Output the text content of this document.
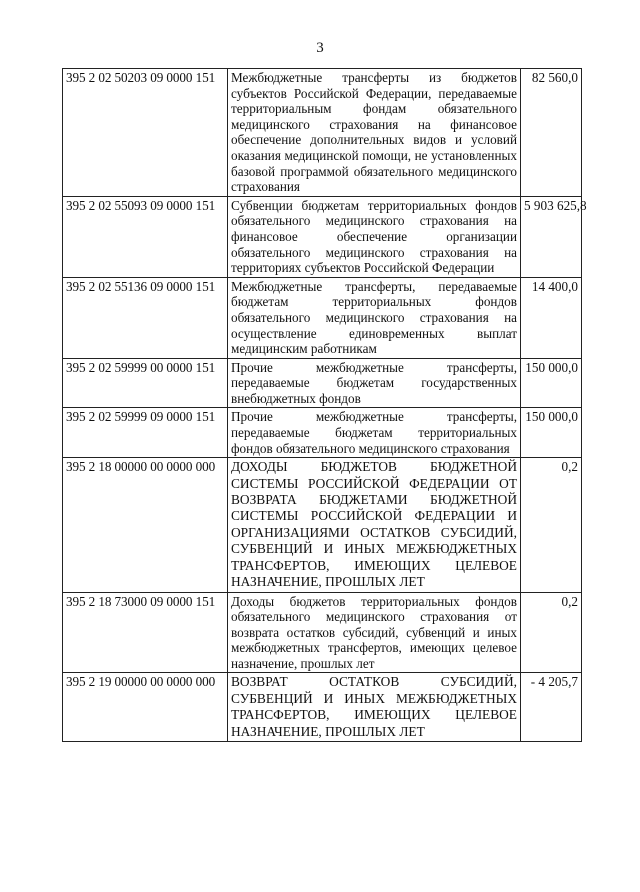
3
395 2 02 50203 09 0000 151	Межбюджетные трансферты из бюджетов субъектов Российской Федерации, передаваемые территориальным фондам обязательного медицинского страхования на финансовое обеспечение дополнительных видов и условий оказания медицинской помощи, не установленных базовой программой обязательного медицинского страхования	82 560,0
395 2 02 55093 09 0000 151	Субвенции бюджетам территориальных фондов обязательного медицинского страхования на финансовое обеспечение организации обязательного медицинского страхования на территориях субъектов Российской Федерации	5 903 625,8
395 2 02 55136 09 0000 151	Межбюджетные трансферты, передаваемые бюджетам территориальных фондов обязательного медицинского страхования на осуществление единовременных выплат медицинским работникам	14 400,0
395 2 02 59999 00 0000 151	Прочие межбюджетные трансферты, передаваемые бюджетам государственных внебюджетных фондов	150 000,0
395 2 02 59999 09 0000 151	Прочие межбюджетные трансферты, передаваемые бюджетам территориальных фондов обязательного медицинского страхования	150 000,0
395 2 18 00000 00 0000 000	ДОХОДЫ БЮДЖЕТОВ БЮДЖЕТНОЙ СИСТЕМЫ РОССИЙСКОЙ ФЕДЕРАЦИИ ОТ ВОЗВРАТА БЮДЖЕТАМИ БЮДЖЕТНОЙ СИСТЕМЫ РОССИЙСКОЙ ФЕДЕРАЦИИ И ОРГАНИЗАЦИЯМИ ОСТАТКОВ СУБСИДИЙ, СУБВЕНЦИЙ И ИНЫХ МЕЖБЮДЖЕТНЫХ ТРАНСФЕРТОВ, ИМЕЮЩИХ ЦЕЛЕВОЕ НАЗНАЧЕНИЕ, ПРОШЛЫХ ЛЕТ	0,2
395 2 18 73000 09 0000 151	Доходы бюджетов территориальных фондов обязательного медицинского страхования от возврата остатков субсидий, субвенций и иных межбюджетных трансфертов, имеющих целевое назначение, прошлых лет	0,2
395 2 19 00000 00 0000 000	ВОЗВРАТ ОСТАТКОВ СУБСИДИЙ, СУБВЕНЦИЙ И ИНЫХ МЕЖБЮДЖЕТНЫХ ТРАНСФЕРТОВ, ИМЕЮЩИХ ЦЕЛЕВОЕ НАЗНАЧЕНИЕ, ПРОШЛЫХ ЛЕТ	- 4 205,7
